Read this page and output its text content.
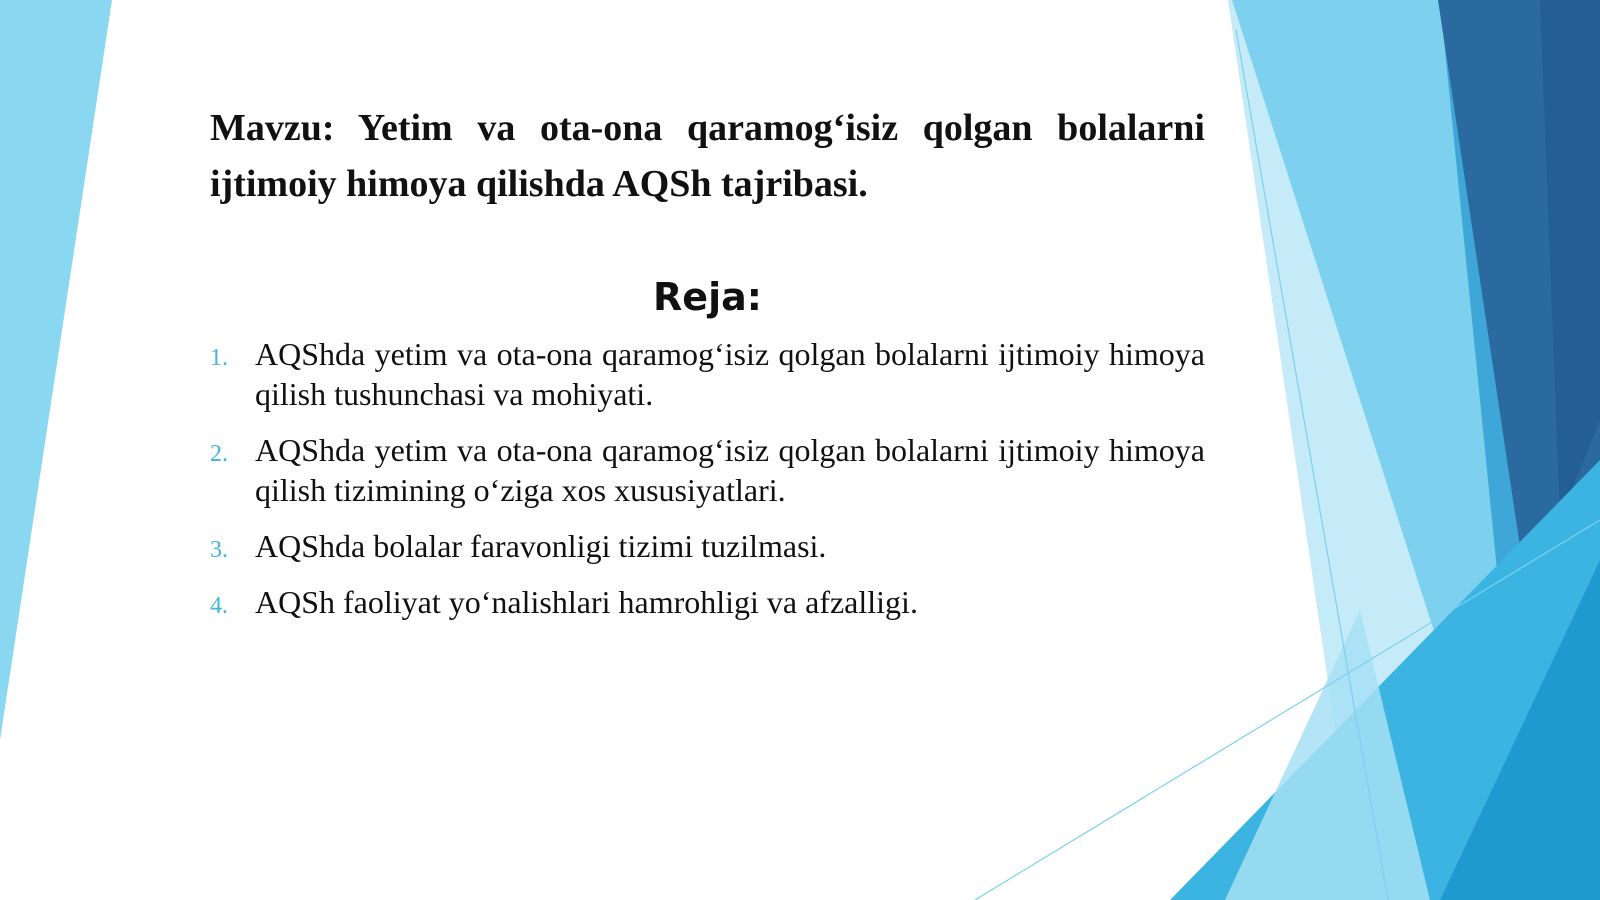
Mavzu: Yetim va ota-ona qaramog‘isiz qolgan bolalarni ijtimoiy himoya qilishda AQSh tajribasi.
Reja:
1. AQShda yetim va ota-ona qaramog‘isiz qolgan bolalarni ijtimoiy himoya qilish tushunchasi va mohiyati.
2. AQShda yetim va ota-ona qaramog‘isiz qolgan bolalarni ijtimoiy himoya qilish tizimining o‘ziga xos xususiyatlari.
3. AQShda bolalar faravonligi tizimi tuzilmasi.
4. AQSh faoliyat yo‘nalishlari hamrohligi va afzalligi.
